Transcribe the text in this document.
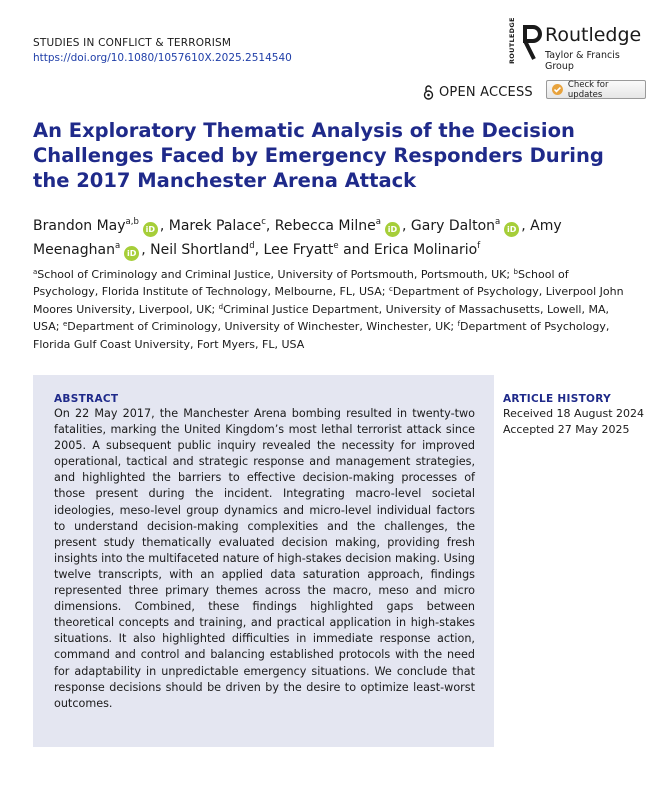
STUDIES IN CONFLICT & TERRORISM
https://doi.org/10.1080/1057610X.2025.2514540	ROUTLEDGE Routledge
Taylor & Francis Group
OPEN ACCESS	Check for updates
An Exploratory Thematic Analysis of the Decision Challenges Faced by Emergency Responders During the 2017 Manchester Arena Attack
Brandon May$^{a,b}$iD , Marek Palace$^c$, Rebecca Milne$^a$iD , Gary Dalton$^a$iD , Amy Meenaghan$^a$iD , Neil Shortland$^d$, Lee Fryatt$^e$ and Erica Molinario$^f$
$^a$School of Criminology and Criminal Justice, University of Portsmouth, Portsmouth, UK; $^b$School of Psychology, Florida Institute of Technology, Melbourne, FL, USA; $^c$Department of Psychology, Liverpool John Moores University, Liverpool, UK; $^d$Criminal Justice Department, University of Massachusetts, Lowell, MA, USA; $^e$Department of Criminology, University of Winchester, Winchester, UK; $^f$Department of Psychology, Florida Gulf Coast University, Fort Myers, FL, USA
ABSTRACT

On 22 May 2017, the Manchester Arena bombing resulted in twenty-two fatalities, marking the United Kingdom’s most lethal terrorist attack since 2005. A subsequent public inquiry revealed the necessity for improved operational, tactical and strategic response and management strategies, and highlighted the barriers to effective decision-making processes of those present during the incident. Integrating macro-level societal ideologies, meso-level group dynamics and micro-level individual factors to understand decision-making complexities and the challenges, the present study thematically evaluated decision making, providing fresh insights into the multifaceted nature of high-stakes decision making. Using twelve transcripts, with an applied data saturation approach, findings represented three primary themes across the macro, meso and micro dimensions. Combined, these findings highlighted gaps between theoretical concepts and training, and practical application in high-stakes situations. It also highlighted difficulties in immediate response action, command and control and balancing established protocols with the need for adaptability in unpredictable emergency situations. We conclude that response decisions should be driven by the desire to optimize least-worst outcomes.

ARTICLE HISTORY
Received 18 August 2024
Accepted 27 May 2025
